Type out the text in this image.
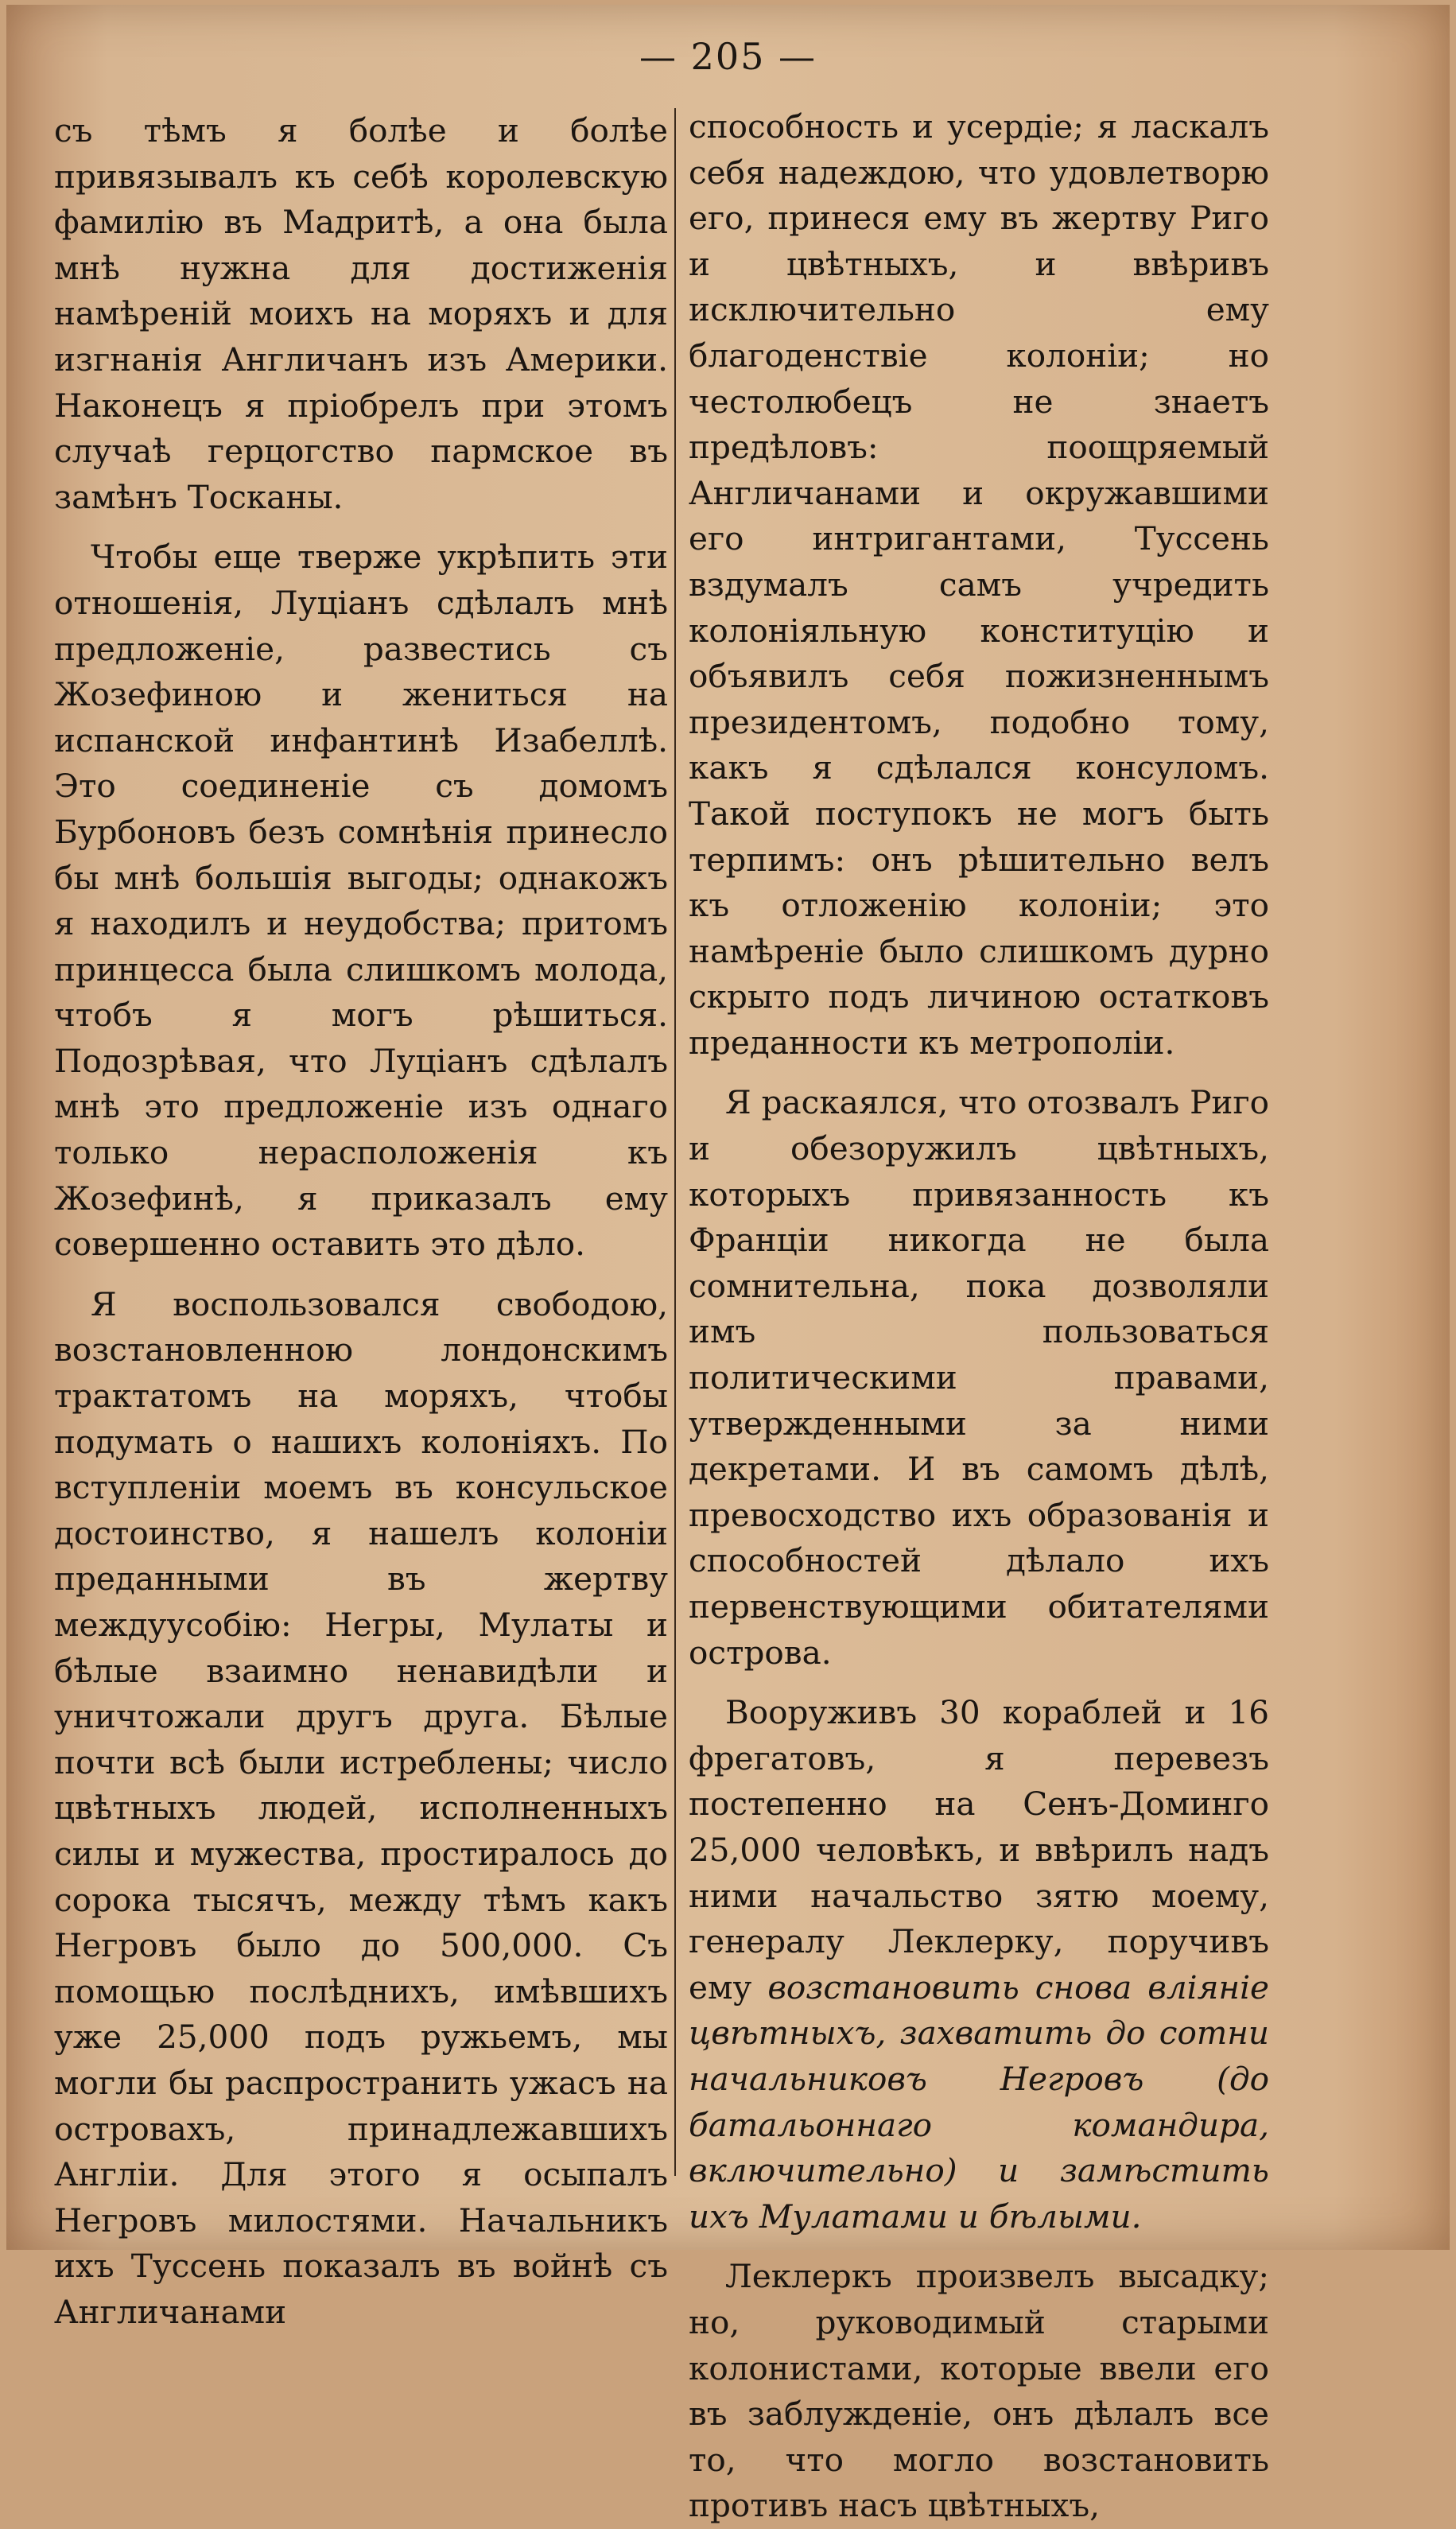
— 205 —

съ тѣмъ я болѣе и болѣе привязывалъ къ себѣ королевскую фамилію въ Мадритѣ, а она была мнѣ нужна для достиженія намѣреній моихъ на моряхъ и для изгнанія Англичанъ изъ Америки. Наконецъ я пріобрелъ при этомъ случаѣ герцогство пармское въ замѣнъ Тосканы.

Чтобы еще тверже укрѣпить эти отношенія, Луціанъ сдѣлалъ мнѣ предложеніе, развестись съ Жозефиною и жениться на испанской инфантинѣ Изабеллѣ. Это соединеніе съ домомъ Бурбоновъ безъ сомнѣнія принесло бы мнѣ большія выгоды; однакожъ я находилъ и неудобства; притомъ принцесса была слишкомъ молода, чтобъ я могъ рѣшиться. Подозрѣвая, что Луціанъ сдѣлалъ мнѣ это предложеніе изъ однаго только нерасположенія къ Жозефинѣ, я приказалъ ему совершенно оставить это дѣло.

Я воспользовался свободою, возстановленною лондонскимъ трактатомъ на моряхъ, чтобы подумать о нашихъ колоніяхъ. По вступленіи моемъ въ консульское достоинство, я нашелъ колоніи преданными въ жертву междуусобію: Негры, Мулаты и бѣлые взаимно ненавидѣли и уничтожали другъ друга. Бѣлые почти всѣ были истреблены; число цвѣтныхъ людей, исполненныхъ силы и мужества, простиралось до сорока тысячъ, между тѣмъ какъ Негровъ было до 500,000. Съ помощью послѣднихъ, имѣвшихъ уже 25,000 подъ ружьемъ, мы могли бы распространить ужасъ на островахъ, принадлежавшихъ Англіи. Для этого я осыпалъ Негровъ милостями. Начальникъ ихъ Туссень показалъ въ войнѣ съ Англичанами

способность и усердіе; я ласкалъ себя надеждою, что удовлетворю его, принеся ему въ жертву Риго и цвѣтныхъ, и ввѣривъ исключительно ему благоденствіе колоніи; но честолюбецъ не знаетъ предѣловъ: поощряемый Англичанами и окружавшими его интригантами, Туссень вздумалъ самъ учредить колоніяльную конституцію и объявилъ себя пожизненнымъ президентомъ, подобно тому, какъ я сдѣлался консуломъ. Такой поступокъ не могъ быть терпимъ: онъ рѣшительно велъ къ отложенію колоніи; это намѣреніе было слишкомъ дурно скрыто подъ личиною остатковъ преданности къ метрополіи.

Я раскаялся, что отозвалъ Риго и обезоружилъ цвѣтныхъ, которыхъ привязанность къ Франціи никогда не была сомнительна, пока дозволяли имъ пользоваться политическими правами, утвержденными за ними декретами. И въ самомъ дѣлѣ, превосходство ихъ образованія и способностей дѣлало ихъ первенствующими обитателями острова.

Вооруживъ 30 кораблей и 16 фрегатовъ, я перевезъ постепенно на Сенъ-Доминго 25,000 человѣкъ, и ввѣрилъ надъ ними начальство зятю моему, генералу Леклерку, поручивъ ему возстановить снова вліяніе цвѣтныхъ, захватить до сотни начальниковъ Негровъ (до батальоннаго командира, включительно) и замѣстить ихъ Мулатами и бѣлыми.

Леклеркъ произвелъ высадку; но, руководимый старыми колонистами, которые ввели его въ заблужденіе, онъ дѣлалъ все то, что могло возстановить противъ насъ цвѣтныхъ,
